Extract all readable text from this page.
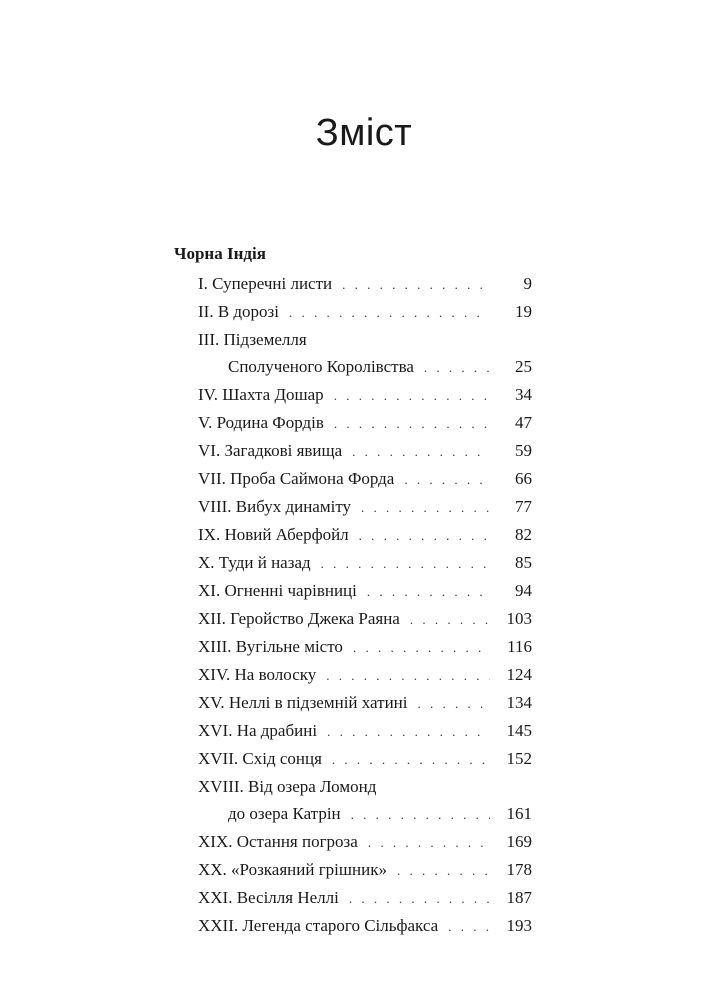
Зміст
Чорна Індія
I. Суперечні листи . . .	9
II. В дорозі . . .	19
III. Підземелля
Сполученого Королівства . . .	25
IV. Шахта Дошар . . .	34
V. Родина Фордів . . .	47
VI. Загадкові явища . . .	59
VII. Проба Саймона Форда . . .	66
VIII. Вибух динаміту . . .	77
IX. Новий Аберфойл . . .	82
X. Туди й назад . . .	85
XI. Огненні чарівниці . . .	94
XII. Геройство Джека Раяна . . .	103
XIII. Вугільне місто . . .	116
XIV. На волоску . . .	124
XV. Неллі в підземній хатині . . .	134
XVI. На драбині . . .	145
XVII. Схід сонця . . .	152
XVIII. Від озера Ломонд
до озера Катрін . . .	161
XIX. Остання погроза . . .	169
XX. «Розкаяний грішник» . . .	178
XXI. Весілля Неллі . . .	187
XXII. Легенда старого Сільфакса . . .	193
